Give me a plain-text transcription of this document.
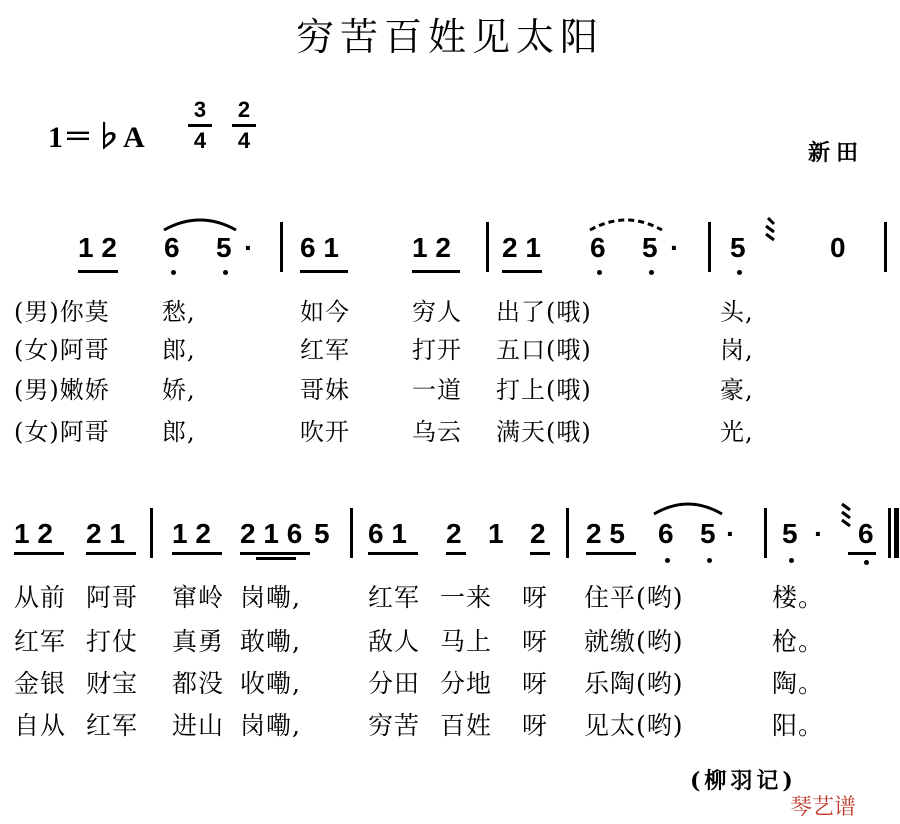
穷苦百姓见太阳
1＝♭A
3
4
2
4	新田
1 2 6 5 · 6 1	1 2 2 1 6 5 · 5	0
(男)你莫 愁,	如今	穷人 出了(哦)	头,
(女)阿哥 郎,	红军	打开 五口(哦)	岗,
(男)嫩娇 娇,	哥妹	一道 打上(哦)	豪,
(女)阿哥 郎,	吹开	乌云 满天(哦)	光,
1 2 2 1 1 2 2 1 6 5 6 1 2 1 2 2 5 6 5 · 5 · 6
从前 阿哥 窜岭 岗嘞,	红军 一来 呀 住平(哟)	楼。
红军 打仗 真勇 敢嘞,	敌人 马上 呀 就缴(哟)	枪。
金银 财宝 都没 收嘞,	分田 分地 呀 乐陶(哟)	陶。
自从 红军 进山 岗嘞,	穷苦 百姓 呀 见太(哟)	阳。
(柳羽记)
琴艺谱
